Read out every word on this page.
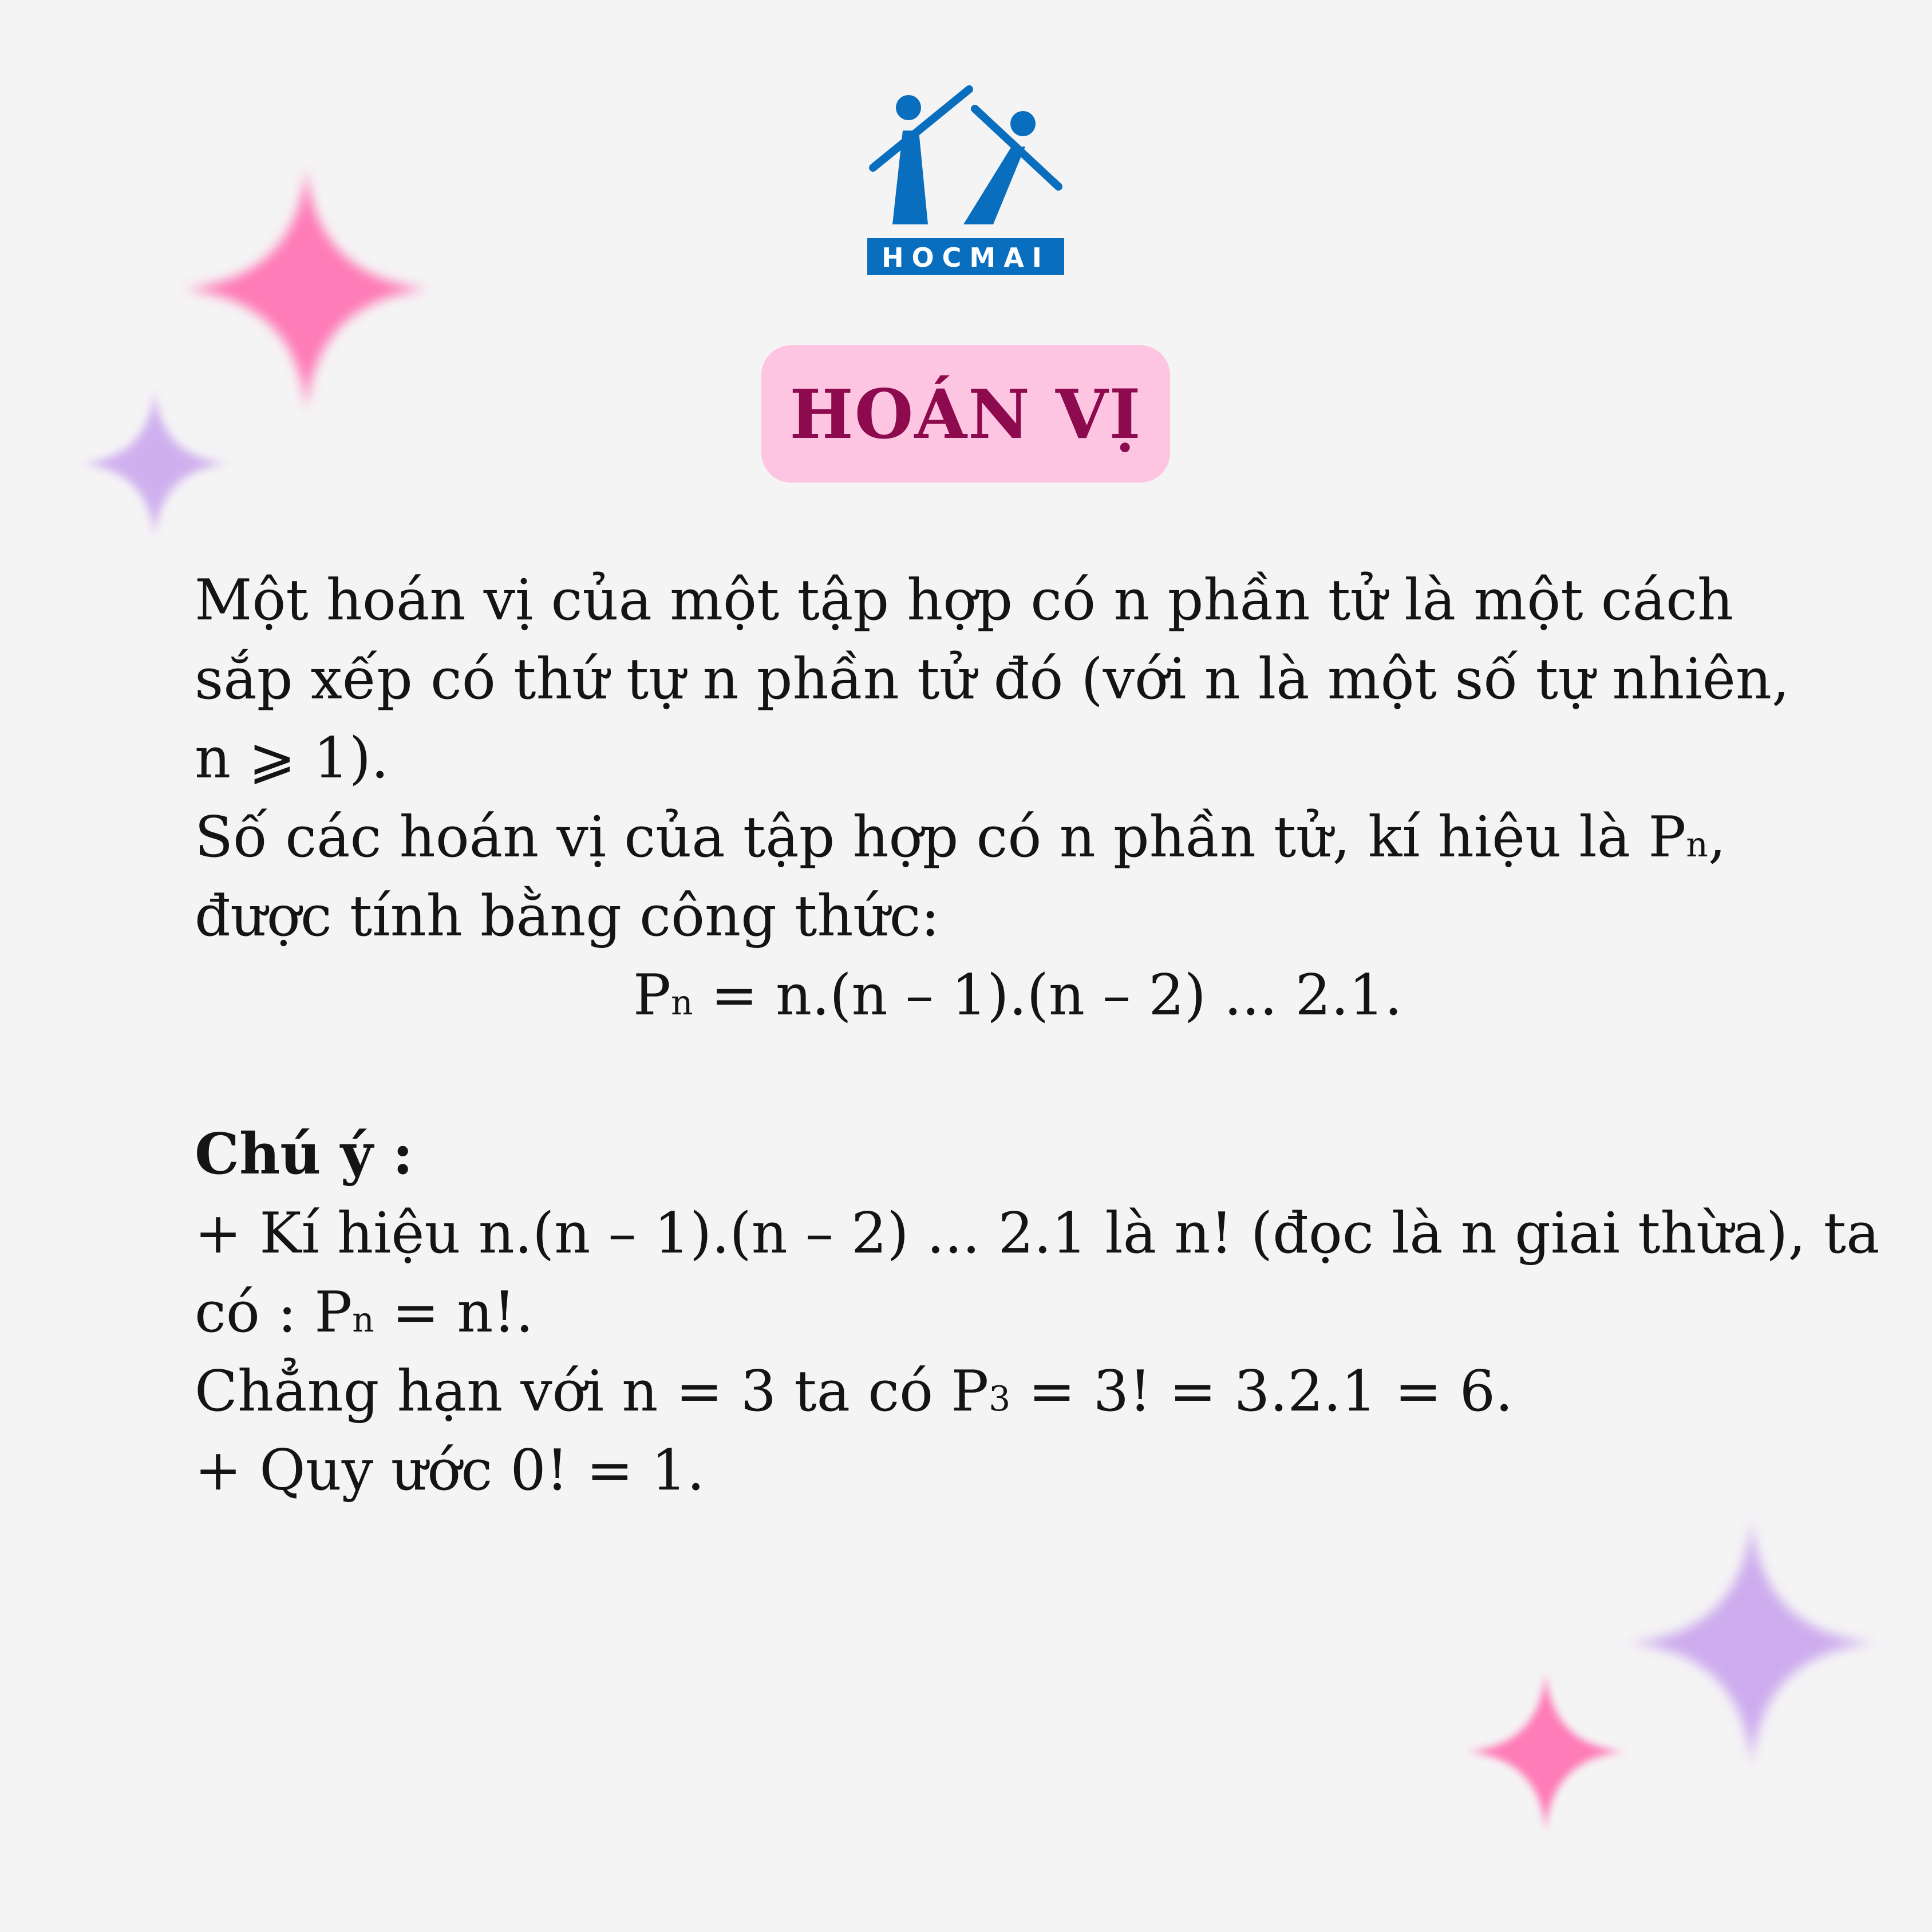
HOCMAI
HOÁN VỊ
Một hoán vị của một tập hợp có n phần tử là một cách
sắp xếp có thứ tự n phần tử đó (với n là một số tự nhiên,
n ⩾ 1).
Số các hoán vị của tập hợp có n phần tử, kí hiệu là Pn,
được tính bằng công thức:
Pn = n.(n – 1).(n – 2) ... 2.1.
Chú ý :
+ Kí hiệu n.(n – 1).(n – 2) ... 2.1 là n! (đọc là n giai thừa), ta
có : Pn = n!.
Chẳng hạn với n = 3 ta có P3 = 3! = 3.2.1 = 6.
+ Quy ước 0! = 1.
